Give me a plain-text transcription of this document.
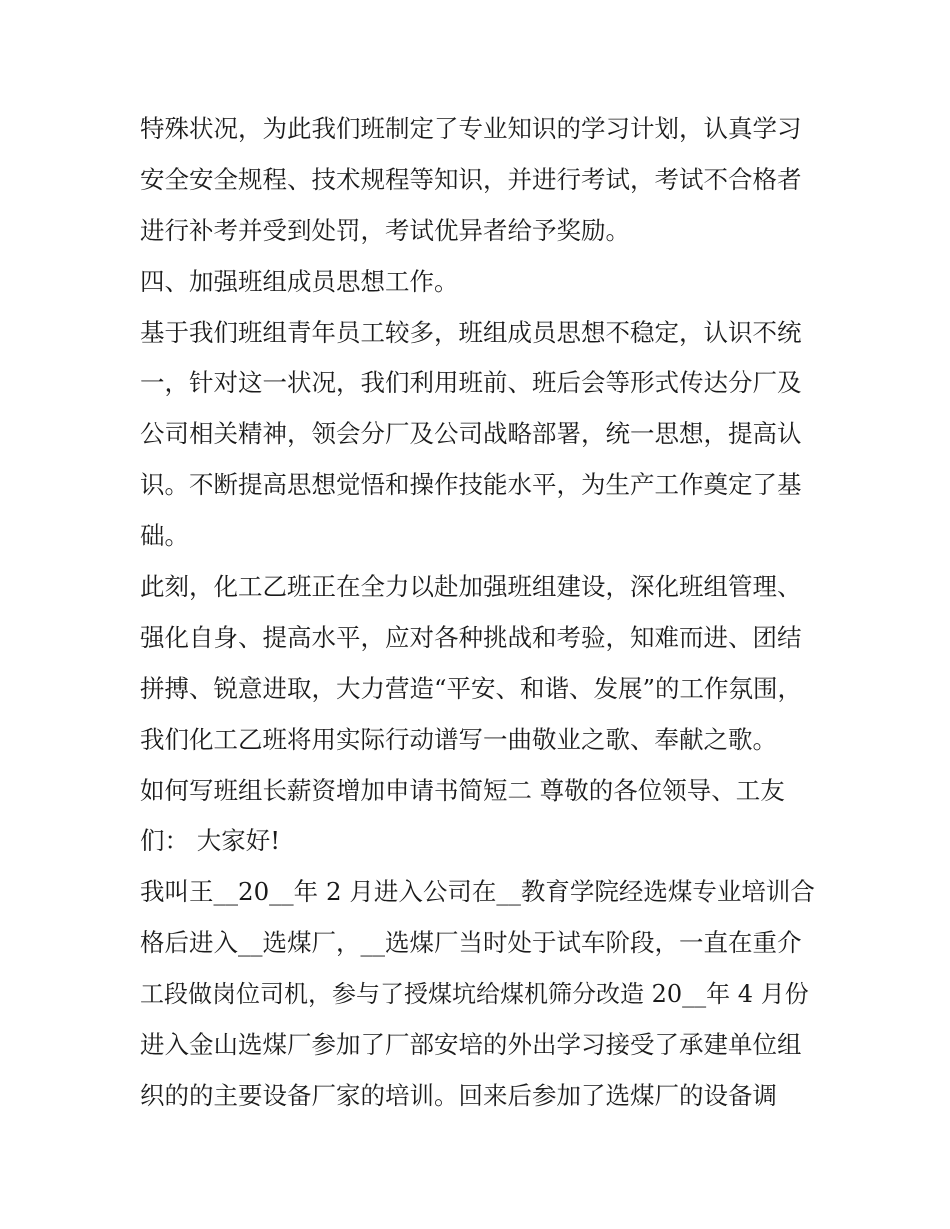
特殊状况，为此我们班制定了专业知识的学习计划，认真学习
安全安全规程、技术规程等知识，并进行考试，考试不合格者
进行补考并受到处罚，考试优异者给予奖励。
四、加强班组成员思想工作。
基于我们班组青年员工较多，班组成员思想不稳定，认识不统
一，针对这一状况，我们利用班前、班后会等形式传达分厂及
公司相关精神，领会分厂及公司战略部署，统一思想，提高认
识。不断提高思想觉悟和操作技能水平，为生产工作奠定了基
础。
此刻，化工乙班正在全力以赴加强班组建设，深化班组管理、
强化自身、提高水平，应对各种挑战和考验，知难而进、团结
拼搏、锐意进取，大力营造“平安、和谐、发展”的工作氛围，
我们化工乙班将用实际行动谱写一曲敬业之歌、奉献之歌。
如何写班组长薪资增加申请书简短二 尊敬的各位领导、工友
们： 大家好!
我叫王__20__年 2 月进入公司在__教育学院经选煤专业培训合
格后进入__选煤厂，__选煤厂当时处于试车阶段，一直在重介
工段做岗位司机，参与了授煤坑给煤机筛分改造 20__年 4 月份
进入金山选煤厂参加了厂部安培的外出学习接受了承建单位组
织的的主要设备厂家的培训。回来后参加了选煤厂的设备调
